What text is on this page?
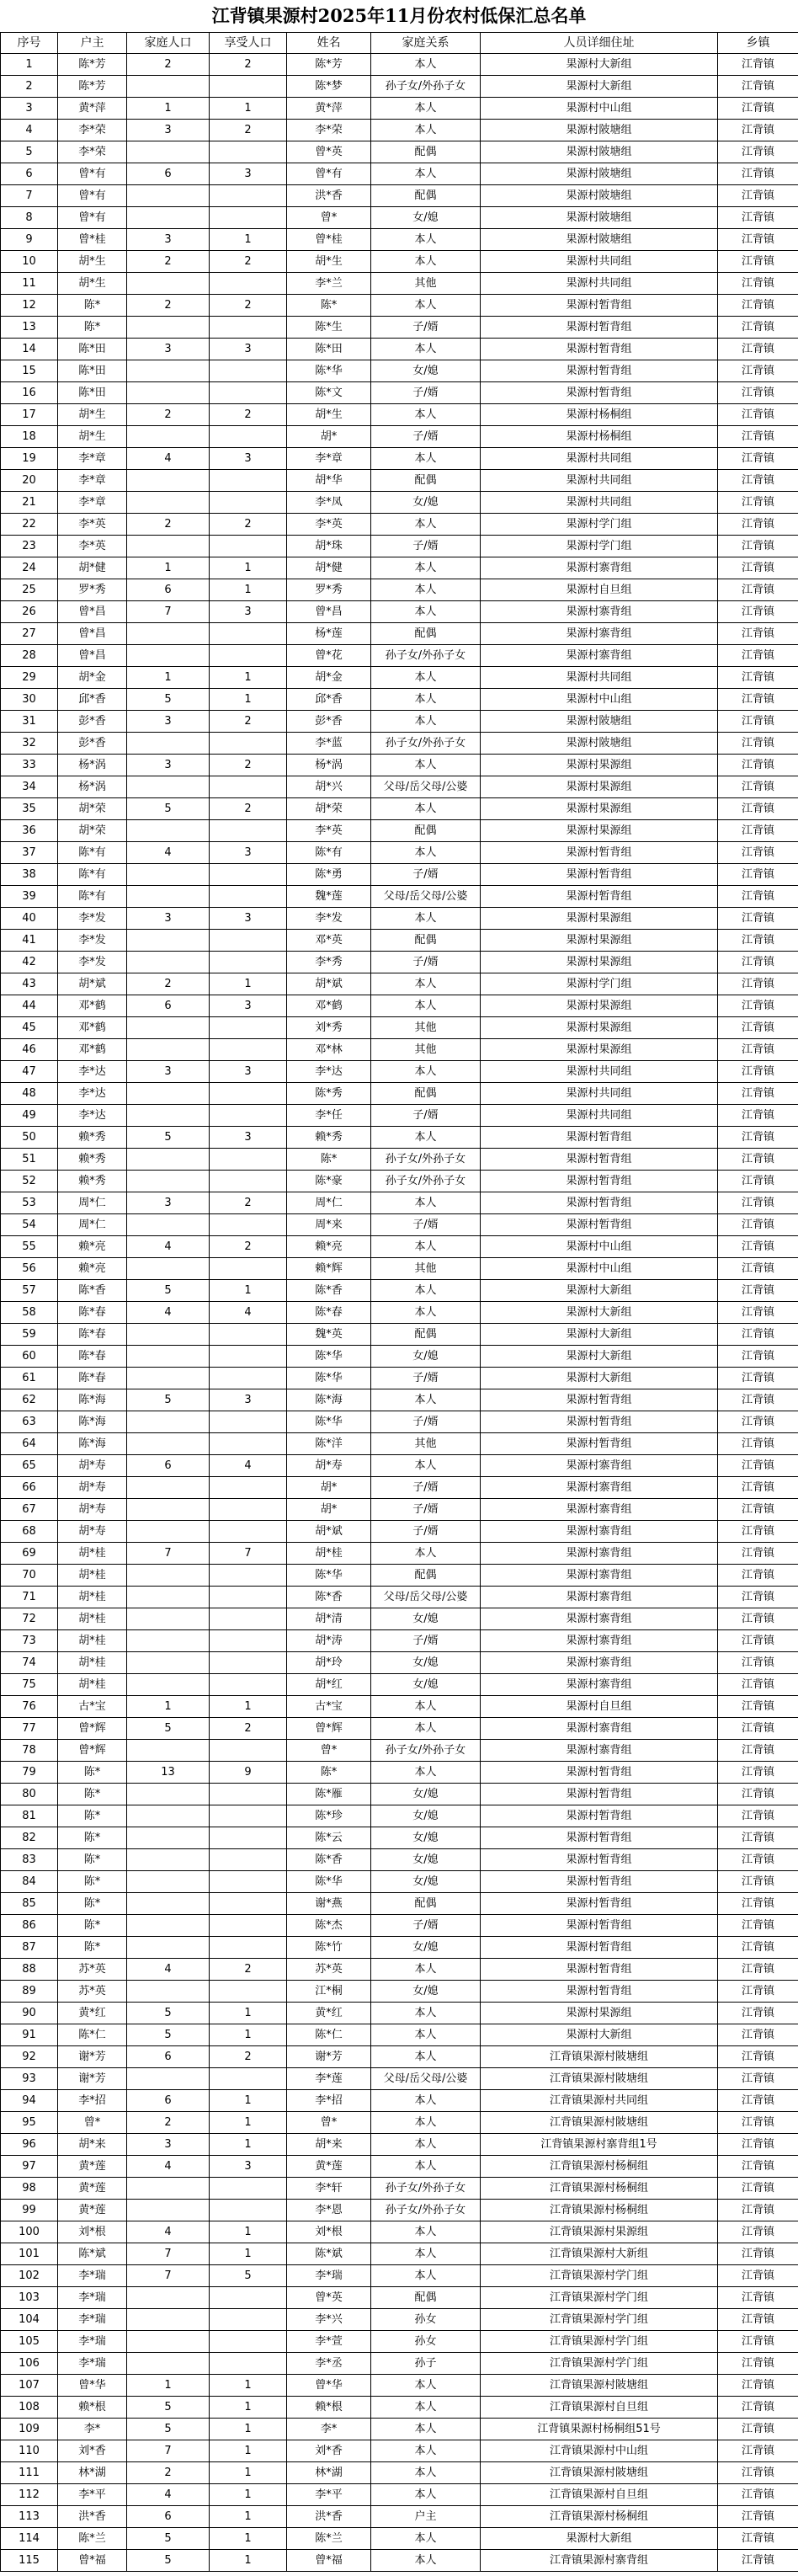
江背镇果源村2025年11月份农村低保汇总名单
序号	户主	家庭人口	享受人口	姓名	家庭关系	人员详细住址	乡镇
1	陈*芳	2	2	陈*芳	本人	果源村大新组	江背镇
2	陈*芳			陈*梦	孙子女/外孙子女	果源村大新组	江背镇
3	黄*萍	1	1	黄*萍	本人	果源村中山组	江背镇
4	李*荣	3	2	李*荣	本人	果源村陂塘组	江背镇
5	李*荣			曾*英	配偶	果源村陂塘组	江背镇
6	曾*有	6	3	曾*有	本人	果源村陂塘组	江背镇
7	曾*有			洪*香	配偶	果源村陂塘组	江背镇
8	曾*有			曾*	女/媳	果源村陂塘组	江背镇
9	曾*桂	3	1	曾*桂	本人	果源村陂塘组	江背镇
10	胡*生	2	2	胡*生	本人	果源村共同组	江背镇
11	胡*生			李*兰	其他	果源村共同组	江背镇
12	陈*	2	2	陈*	本人	果源村暂背组	江背镇
13	陈*			陈*生	子/婿	果源村暂背组	江背镇
14	陈*田	3	3	陈*田	本人	果源村暂背组	江背镇
15	陈*田			陈*华	女/媳	果源村暂背组	江背镇
16	陈*田			陈*文	子/婿	果源村暂背组	江背镇
17	胡*生	2	2	胡*生	本人	果源村杨桐组	江背镇
18	胡*生			胡*	子/婿	果源村杨桐组	江背镇
19	李*章	4	3	李*章	本人	果源村共同组	江背镇
20	李*章			胡*华	配偶	果源村共同组	江背镇
21	李*章			李*凤	女/媳	果源村共同组	江背镇
22	李*英	2	2	李*英	本人	果源村学门组	江背镇
23	李*英			胡*珠	子/婿	果源村学门组	江背镇
24	胡*健	1	1	胡*健	本人	果源村寨背组	江背镇
25	罗*秀	6	1	罗*秀	本人	果源村自旦组	江背镇
26	曾*昌	7	3	曾*昌	本人	果源村寨背组	江背镇
27	曾*昌			杨*莲	配偶	果源村寨背组	江背镇
28	曾*昌			曾*花	孙子女/外孙子女	果源村寨背组	江背镇
29	胡*金	1	1	胡*金	本人	果源村共同组	江背镇
30	邱*香	5	1	邱*香	本人	果源村中山组	江背镇
31	彭*香	3	2	彭*香	本人	果源村陂塘组	江背镇
32	彭*香			李*蓝	孙子女/外孙子女	果源村陂塘组	江背镇
33	杨*涡	3	2	杨*涡	本人	果源村果源组	江背镇
34	杨*涡			胡*兴	父母/岳父母/公婆	果源村果源组	江背镇
35	胡*荣	5	2	胡*荣	本人	果源村果源组	江背镇
36	胡*荣			李*英	配偶	果源村果源组	江背镇
37	陈*有	4	3	陈*有	本人	果源村暂背组	江背镇
38	陈*有			陈*勇	子/婿	果源村暂背组	江背镇
39	陈*有			魏*莲	父母/岳父母/公婆	果源村暂背组	江背镇
40	李*发	3	3	李*发	本人	果源村果源组	江背镇
41	李*发			邓*英	配偶	果源村果源组	江背镇
42	李*发			李*秀	子/婿	果源村果源组	江背镇
43	胡*斌	2	1	胡*斌	本人	果源村学门组	江背镇
44	邓*鹤	6	3	邓*鹤	本人	果源村果源组	江背镇
45	邓*鹤			刘*秀	其他	果源村果源组	江背镇
46	邓*鹤			邓*林	其他	果源村果源组	江背镇
47	李*达	3	3	李*达	本人	果源村共同组	江背镇
48	李*达			陈*秀	配偶	果源村共同组	江背镇
49	李*达			李*任	子/婿	果源村共同组	江背镇
50	赖*秀	5	3	赖*秀	本人	果源村暂背组	江背镇
51	赖*秀			陈*	孙子女/外孙子女	果源村暂背组	江背镇
52	赖*秀			陈*豪	孙子女/外孙子女	果源村暂背组	江背镇
53	周*仁	3	2	周*仁	本人	果源村暂背组	江背镇
54	周*仁			周*来	子/婿	果源村暂背组	江背镇
55	赖*亮	4	2	赖*亮	本人	果源村中山组	江背镇
56	赖*亮			赖*辉	其他	果源村中山组	江背镇
57	陈*香	5	1	陈*香	本人	果源村大新组	江背镇
58	陈*春	4	4	陈*春	本人	果源村大新组	江背镇
59	陈*春			魏*英	配偶	果源村大新组	江背镇
60	陈*春			陈*华	女/媳	果源村大新组	江背镇
61	陈*春			陈*华	子/婿	果源村大新组	江背镇
62	陈*海	5	3	陈*海	本人	果源村暂背组	江背镇
63	陈*海			陈*华	子/婿	果源村暂背组	江背镇
64	陈*海			陈*洋	其他	果源村暂背组	江背镇
65	胡*寿	6	4	胡*寿	本人	果源村寨背组	江背镇
66	胡*寿			胡*	子/婿	果源村寨背组	江背镇
67	胡*寿			胡*	子/婿	果源村寨背组	江背镇
68	胡*寿			胡*斌	子/婿	果源村寨背组	江背镇
69	胡*桂	7	7	胡*桂	本人	果源村寨背组	江背镇
70	胡*桂			陈*华	配偶	果源村寨背组	江背镇
71	胡*桂			陈*香	父母/岳父母/公婆	果源村寨背组	江背镇
72	胡*桂			胡*清	女/媳	果源村寨背组	江背镇
73	胡*桂			胡*涛	子/婿	果源村寨背组	江背镇
74	胡*桂			胡*玲	女/媳	果源村寨背组	江背镇
75	胡*桂			胡*红	女/媳	果源村寨背组	江背镇
76	古*宝	1	1	古*宝	本人	果源村自旦组	江背镇
77	曾*辉	5	2	曾*辉	本人	果源村寨背组	江背镇
78	曾*辉			曾*	孙子女/外孙子女	果源村寨背组	江背镇
79	陈*	13	9	陈*	本人	果源村暂背组	江背镇
80	陈*			陈*雁	女/媳	果源村暂背组	江背镇
81	陈*			陈*珍	女/媳	果源村暂背组	江背镇
82	陈*			陈*云	女/媳	果源村暂背组	江背镇
83	陈*			陈*香	女/媳	果源村暂背组	江背镇
84	陈*			陈*华	女/媳	果源村暂背组	江背镇
85	陈*			谢*燕	配偶	果源村暂背组	江背镇
86	陈*			陈*杰	子/婿	果源村暂背组	江背镇
87	陈*			陈*竹	女/媳	果源村暂背组	江背镇
88	苏*英	4	2	苏*英	本人	果源村暂背组	江背镇
89	苏*英			江*桐	女/媳	果源村暂背组	江背镇
90	黄*红	5	1	黄*红	本人	果源村果源组	江背镇
91	陈*仁	5	1	陈*仁	本人	果源村大新组	江背镇
92	谢*芳	6	2	谢*芳	本人	江背镇果源村陂塘组	江背镇
93	谢*芳			李*莲	父母/岳父母/公婆	江背镇果源村陂塘组	江背镇
94	李*招	6	1	李*招	本人	江背镇果源村共同组	江背镇
95	曾*	2	1	曾*	本人	江背镇果源村陂塘组	江背镇
96	胡*来	3	1	胡*来	本人	江背镇果源村寨背组1号	江背镇
97	黄*莲	4	3	黄*莲	本人	江背镇果源村杨桐组	江背镇
98	黄*莲			李*轩	孙子女/外孙子女	江背镇果源村杨桐组	江背镇
99	黄*莲			李*恩	孙子女/外孙子女	江背镇果源村杨桐组	江背镇
100	刘*根	4	1	刘*根	本人	江背镇果源村果源组	江背镇
101	陈*斌	7	1	陈*斌	本人	江背镇果源村大新组	江背镇
102	李*瑞	7	5	李*瑞	本人	江背镇果源村学门组	江背镇
103	李*瑞			曾*英	配偶	江背镇果源村学门组	江背镇
104	李*瑞			李*兴	孙女	江背镇果源村学门组	江背镇
105	李*瑞			李*萱	孙女	江背镇果源村学门组	江背镇
106	李*瑞			李*丞	孙子	江背镇果源村学门组	江背镇
107	曾*华	1	1	曾*华	本人	江背镇果源村陂塘组	江背镇
108	赖*根	5	1	赖*根	本人	江背镇果源村自旦组	江背镇
109	李*	5	1	李*	本人	江背镇果源村杨桐组51号	江背镇
110	刘*香	7	1	刘*香	本人	江背镇果源村中山组	江背镇
111	林*湖	2	1	林*湖	本人	江背镇果源村陂塘组	江背镇
112	李*平	4	1	李*平	本人	江背镇果源村自旦组	江背镇
113	洪*香	6	1	洪*香	户主	江背镇果源村杨桐组	江背镇
114	陈*兰	5	1	陈*兰	本人	果源村大新组	江背镇
115	曾*福	5	1	曾*福	本人	江背镇果源村寨背组	江背镇
